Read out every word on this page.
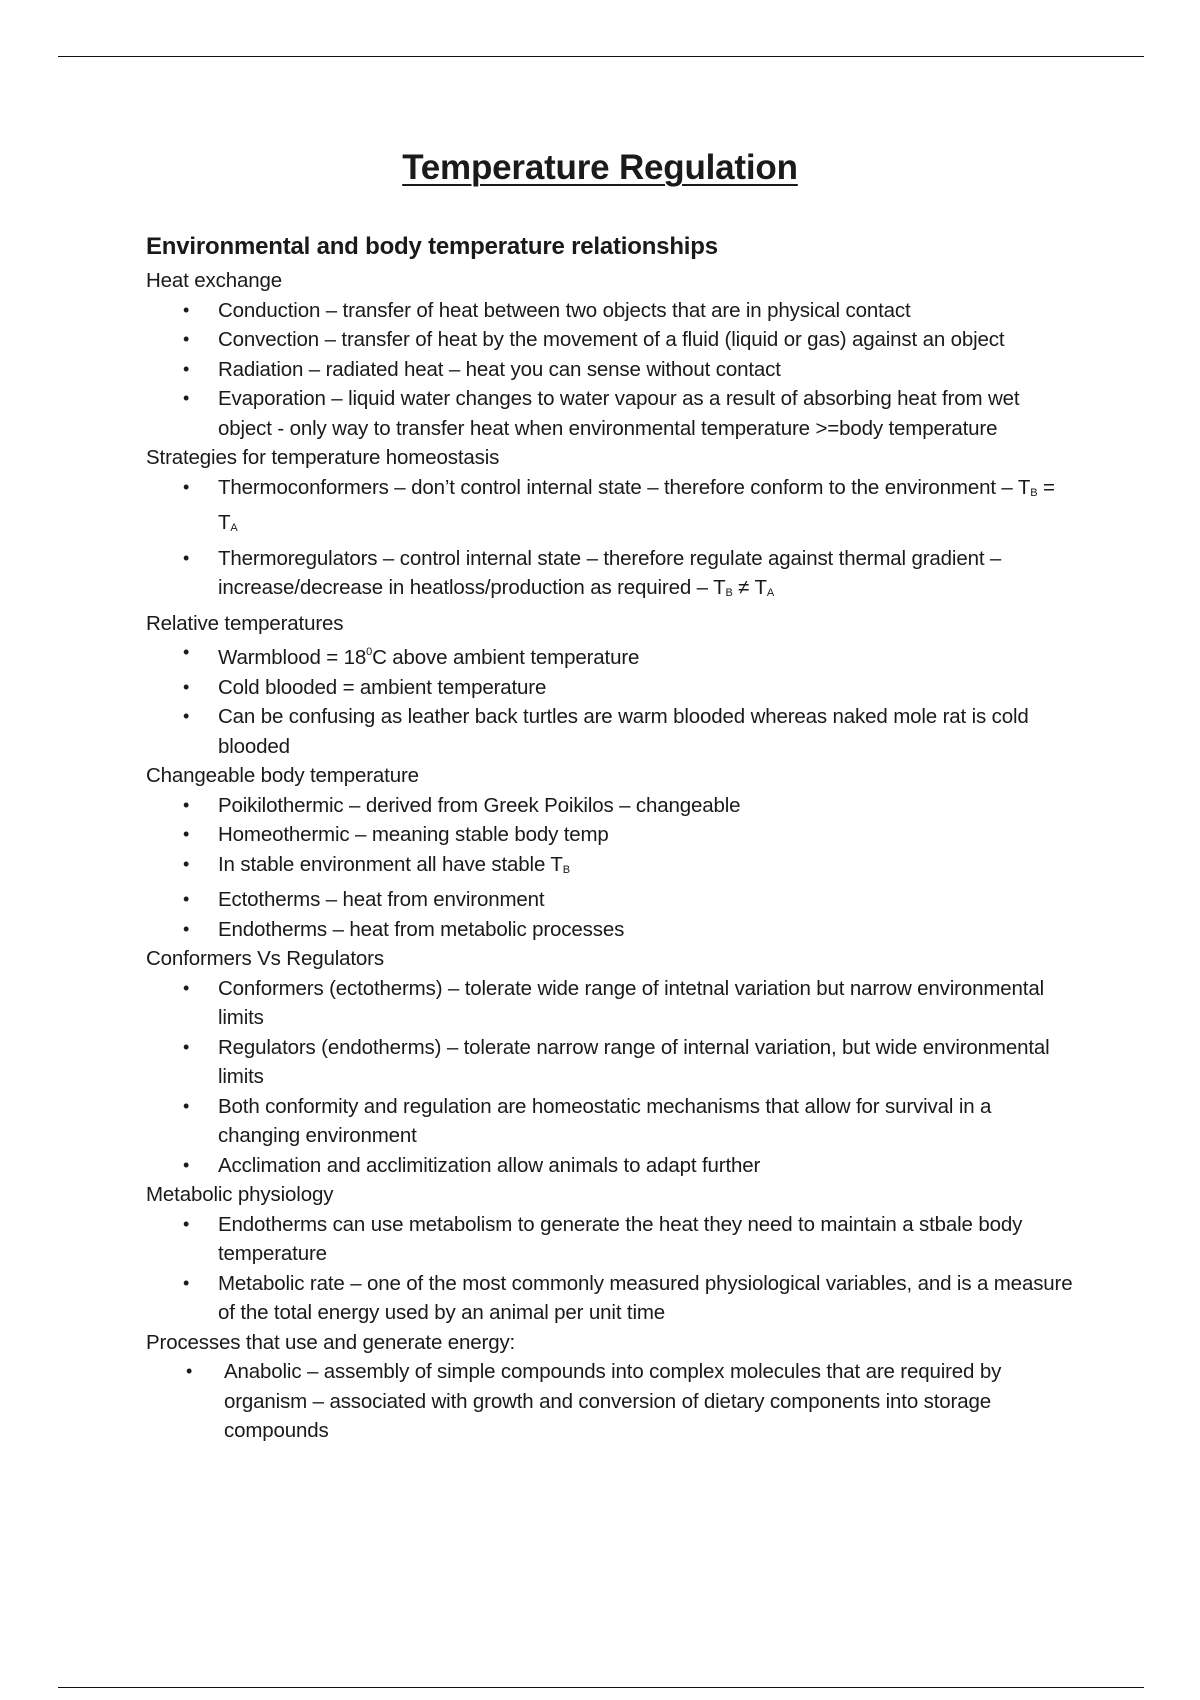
Temperature Regulation

Environmental and body temperature relationships

Heat exchange

• Conduction – transfer of heat between two objects that are in physical contact
• Convection – transfer of heat by the movement of a fluid (liquid or gas) against an object
• Radiation – radiated heat – heat you can sense without contact
• Evaporation – liquid water changes to water vapour as a result of absorbing heat from wet object - only way to transfer heat when environmental temperature >=body temperature

Strategies for temperature homeostasis

• Thermoconformers – don’t control internal state – therefore conform to the environment – $T_B = T_A$
• Thermoregulators – control internal state – therefore regulate against thermal gradient – increase/decrease in heatloss/production as required – $T_B \ne T_A$

Relative temperatures

• Warmblood = $18^0C$ above ambient temperature
• Cold blooded = ambient temperature
• Can be confusing as leather back turtles are warm blooded whereas naked mole rat is cold blooded

Changeable body temperature

• Poikilothermic – derived from Greek Poikilos – changeable
• Homeothermic – meaning stable body temp
• In stable environment all have stable $T_B$
• Ectotherms – heat from environment
• Endotherms – heat from metabolic processes

Conformers Vs Regulators

• Conformers (ectotherms) – tolerate wide range of intetnal variation but narrow environmental limits
• Regulators (endotherms) – tolerate narrow range of internal variation, but wide environmental limits
• Both conformity and regulation are homeostatic mechanisms that allow for survival in a changing environment
• Acclimation and acclimitization allow animals to adapt further

Metabolic physiology

• Endotherms can use metabolism to generate the heat they need to maintain a stbale body temperature
• Metabolic rate – one of the most commonly measured physiological variables, and is a measure of the total energy used by an animal per unit time

Processes that use and generate energy:

• Anabolic – assembly of simple compounds into complex molecules that are required by organism – associated with growth and conversion of dietary components into storage compounds
